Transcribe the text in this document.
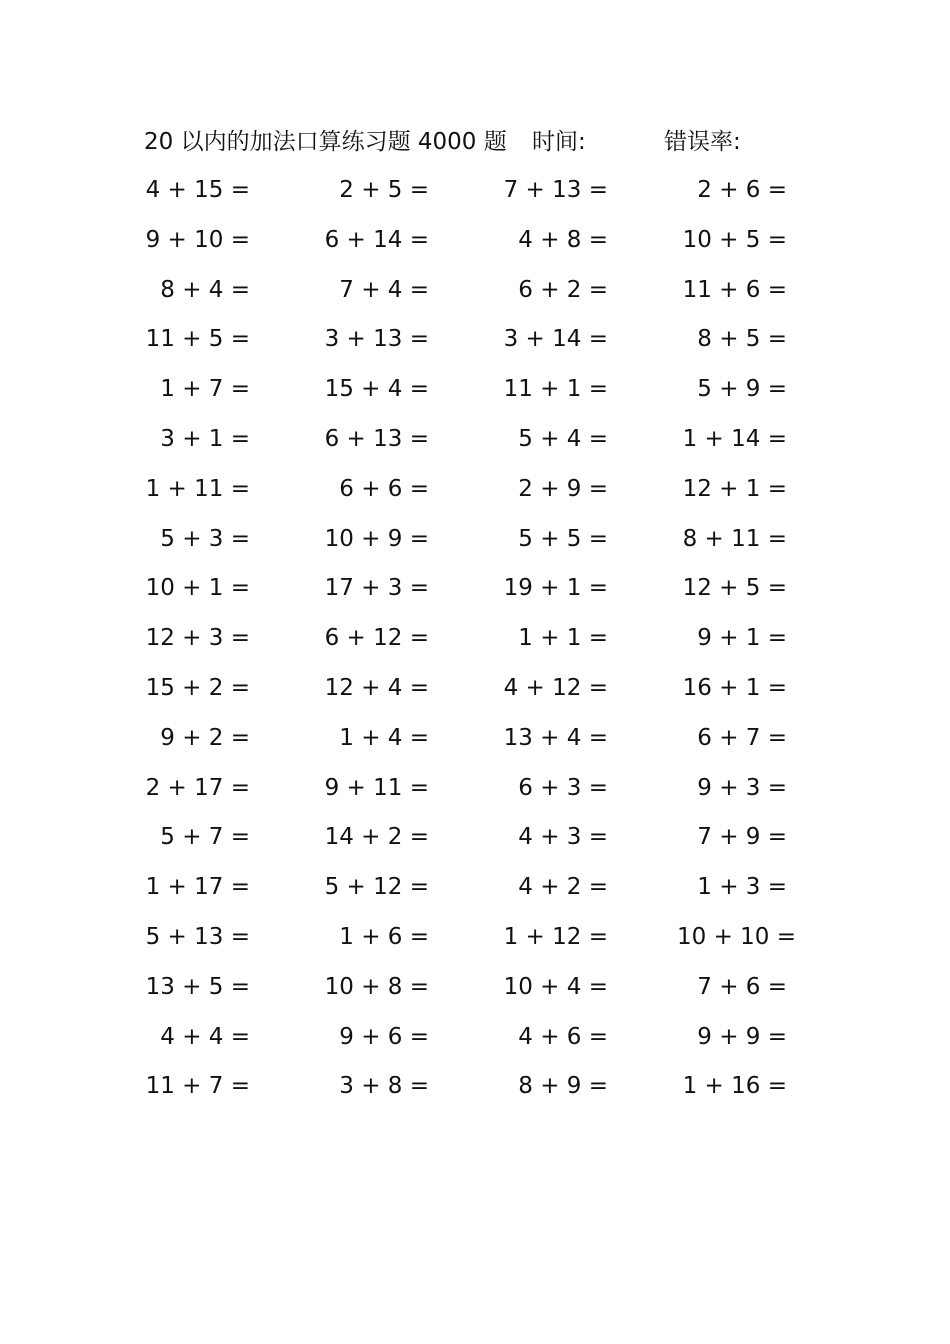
20 以内的加法口算练习题 4000 题 时间:	错误率:
4 + 15 =	2 + 5 =	7 + 13 =	2 + 6 =
9 + 10 =	6 + 14 =	4 + 8 =	10 + 5 =
8 + 4 =	7 + 4 =	6 + 2 =	11 + 6 =
11 + 5 =	3 + 13 =	3 + 14 =	8 + 5 =
1 + 7 =	15 + 4 =	11 + 1 =	5 + 9 =
3 + 1 =	6 + 13 =	5 + 4 =	1 + 14 =
1 + 11 =	6 + 6 =	2 + 9 =	12 + 1 =
5 + 3 =	10 + 9 =	5 + 5 =	8 + 11 =
10 + 1 =	17 + 3 =	19 + 1 =	12 + 5 =
12 + 3 =	6 + 12 =	1 + 1 =	9 + 1 =
15 + 2 =	12 + 4 =	4 + 12 =	16 + 1 =
9 + 2 =	1 + 4 =	13 + 4 =	6 + 7 =
2 + 17 =	9 + 11 =	6 + 3 =	9 + 3 =
5 + 7 =	14 + 2 =	4 + 3 =	7 + 9 =
1 + 17 =	5 + 12 =	4 + 2 =	1 + 3 =
5 + 13 =	1 + 6 =	1 + 12 =	10 + 10 =
13 + 5 =	10 + 8 =	10 + 4 =	7 + 6 =
4 + 4 =	9 + 6 =	4 + 6 =	9 + 9 =
11 + 7 =	3 + 8 =	8 + 9 =	1 + 16 =
